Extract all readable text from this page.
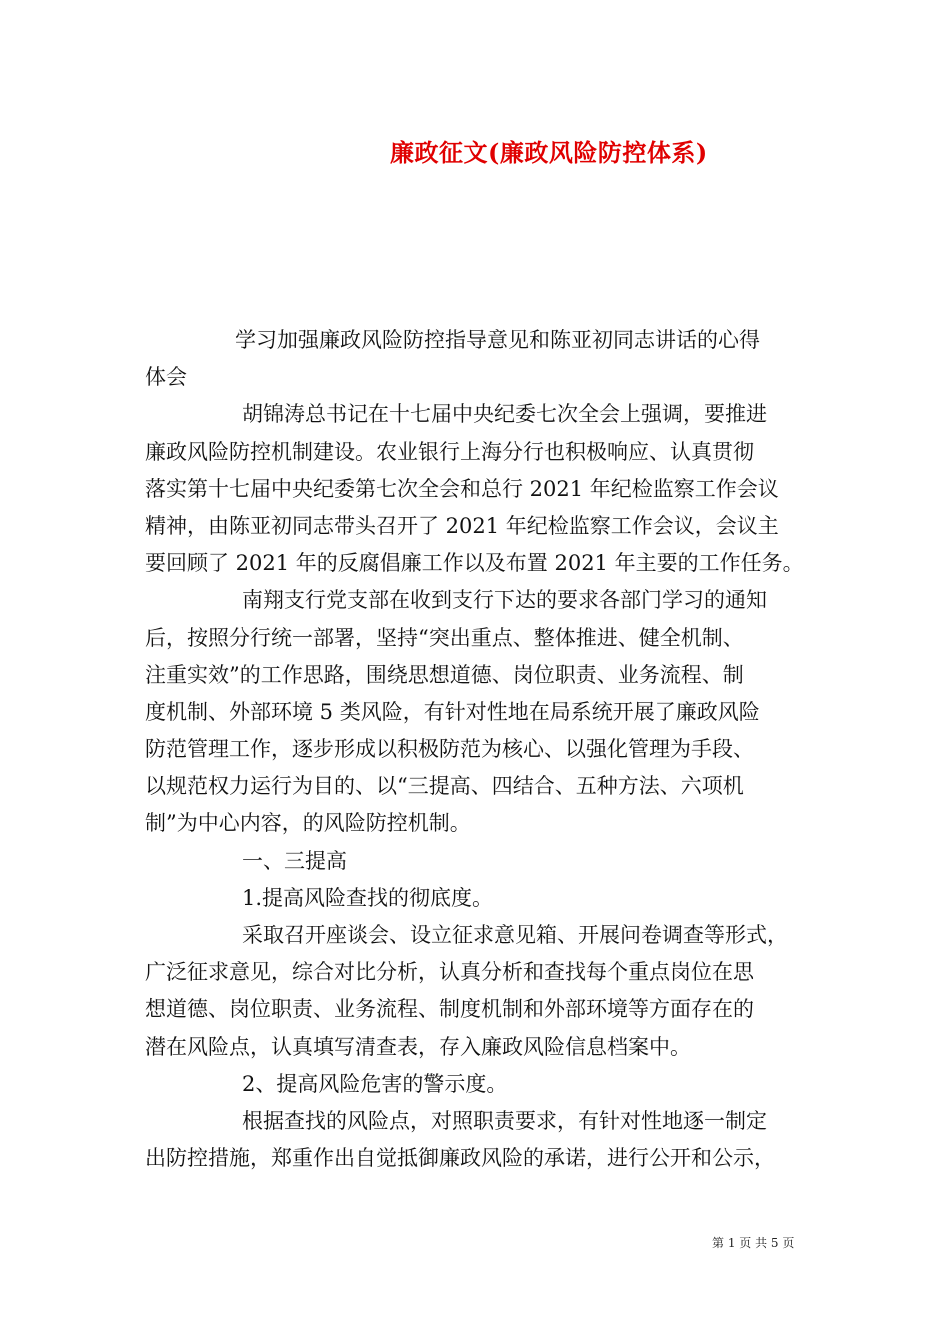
廉政征文(廉政风险防控体系)
学习加强廉政风险防控指导意见和陈亚初同志讲话的心得
体会
胡锦涛总书记在十七届中央纪委七次全会上强调，要推进
廉政风险防控机制建设。农业银行上海分行也积极响应、认真贯彻
落实第十七届中央纪委第七次全会和总行 2021 年纪检监察工作会议
精神，由陈亚初同志带头召开了 2021 年纪检监察工作会议，会议主
要回顾了 2021 年的反腐倡廉工作以及布置 2021 年主要的工作任务。
南翔支行党支部在收到支行下达的要求各部门学习的通知
后，按照分行统一部署，坚持“突出重点、整体推进、健全机制、
注重实效”的工作思路，围绕思想道德、岗位职责、业务流程、制
度机制、外部环境 5 类风险，有针对性地在局系统开展了廉政风险
防范管理工作，逐步形成以积极防范为核心、以强化管理为手段、
以规范权力运行为目的、以“三提高、四结合、五种方法、六项机
制”为中心内容，的风险防控机制。
一、三提高
1.提高风险查找的彻底度。
采取召开座谈会、设立征求意见箱、开展问卷调查等形式，
广泛征求意见，综合对比分析，认真分析和查找每个重点岗位在思
想道德、岗位职责、业务流程、制度机制和外部环境等方面存在的
潜在风险点，认真填写清查表，存入廉政风险信息档案中。
2、提高风险危害的警示度。
根据查找的风险点，对照职责要求，有针对性地逐一制定
出防控措施，郑重作出自觉抵御廉政风险的承诺，进行公开和公示，
第 1 页 共 5 页
